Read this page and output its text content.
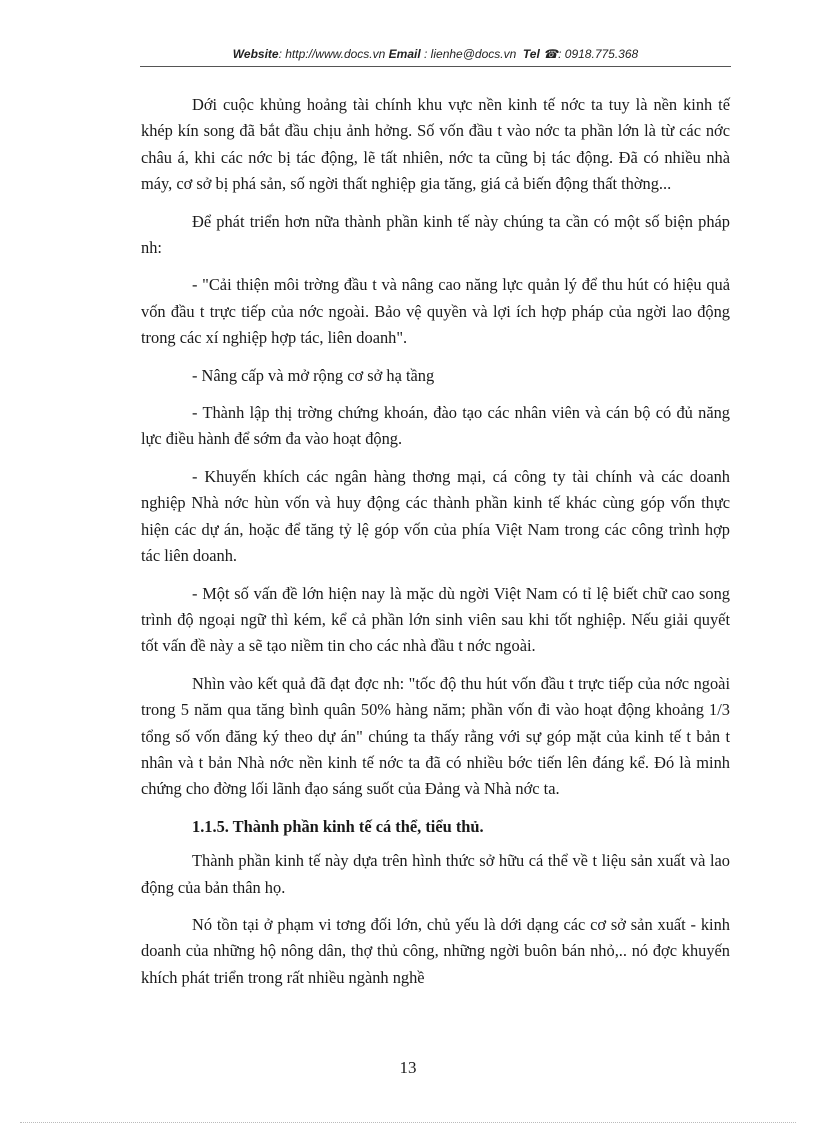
Website: http://www.docs.vn Email : lienhe@docs.vn Tel ☎: 0918.775.368

Dới cuộc khủng hoảng tài chính khu vực nền kinh tế nớc ta tuy là nền kinh tế khép kín song đã bắt đầu chịu ảnh hởng. Số vốn đầu t vào nớc ta phần lớn là từ các nớc châu á, khi các nớc bị tác động, lẽ tất nhiên, nớc ta cũng bị tác động. Đã có nhiều nhà máy, cơ sở bị phá sản, số ngời thất nghiệp gia tăng, giá cả biến động thất thờng...

Để phát triển hơn nữa thành phần kinh tế này chúng ta cần có một số biện pháp nh:

- "Cải thiện môi trờng đầu t và nâng cao năng lực quản lý để thu hút có hiệu quả vốn đầu t trực tiếp của nớc ngoài. Bảo vệ quyền và lợi ích hợp pháp của ngời lao động trong các xí nghiệp hợp tác, liên doanh".

- Nâng cấp và mở rộng cơ sở hạ tầng

- Thành lập thị trờng chứng khoán, đào tạo các nhân viên và cán bộ có đủ năng lực điều hành để sớm đa vào hoạt động.

- Khuyến khích các ngân hàng thơng mại, cá công ty tài chính và các doanh nghiệp Nhà nớc hùn vốn và huy động các thành phần kinh tế khác cùng góp vốn thực hiện các dự án, hoặc để tăng tỷ lệ góp vốn của phía Việt Nam trong các công trình hợp tác liên doanh.

- Một số vấn đề lớn hiện nay là mặc dù ngời Việt Nam có tỉ lệ biết chữ cao song trình độ ngoại ngữ thì kém, kể cả phần lớn sinh viên sau khi tốt nghiệp. Nếu giải quyết tốt vấn đề này a sẽ tạo niềm tin cho các nhà đầu t nớc ngoài.

Nhìn vào kết quả đã đạt đợc nh: "tốc độ thu hút vốn đầu t trực tiếp của nớc ngoài trong 5 năm qua tăng bình quân 50% hàng năm; phần vốn đi vào hoạt động khoảng 1/3 tổng số vốn đăng ký theo dự án" chúng ta thấy rằng với sự góp mặt của kinh tế t bản t nhân và t bản Nhà nớc nền kinh tế nớc ta đã có nhiều bớc tiến lên đáng kể. Đó là minh chứng cho đờng lối lãnh đạo sáng suốt của Đảng và Nhà nớc ta.

1.1.5. Thành phần kinh tế cá thể, tiểu thủ.

Thành phần kinh tế này dựa trên hình thức sở hữu cá thể về t liệu sản xuất và lao động của bản thân họ.

Nó tồn tại ở phạm vi tơng đối lớn, chủ yếu là dới dạng các cơ sở sản xuất - kinh doanh của những hộ nông dân, thợ thủ công, những ngời buôn bán nhỏ,.. nó đợc khuyến khích phát triển trong rất nhiều ngành nghề

13
